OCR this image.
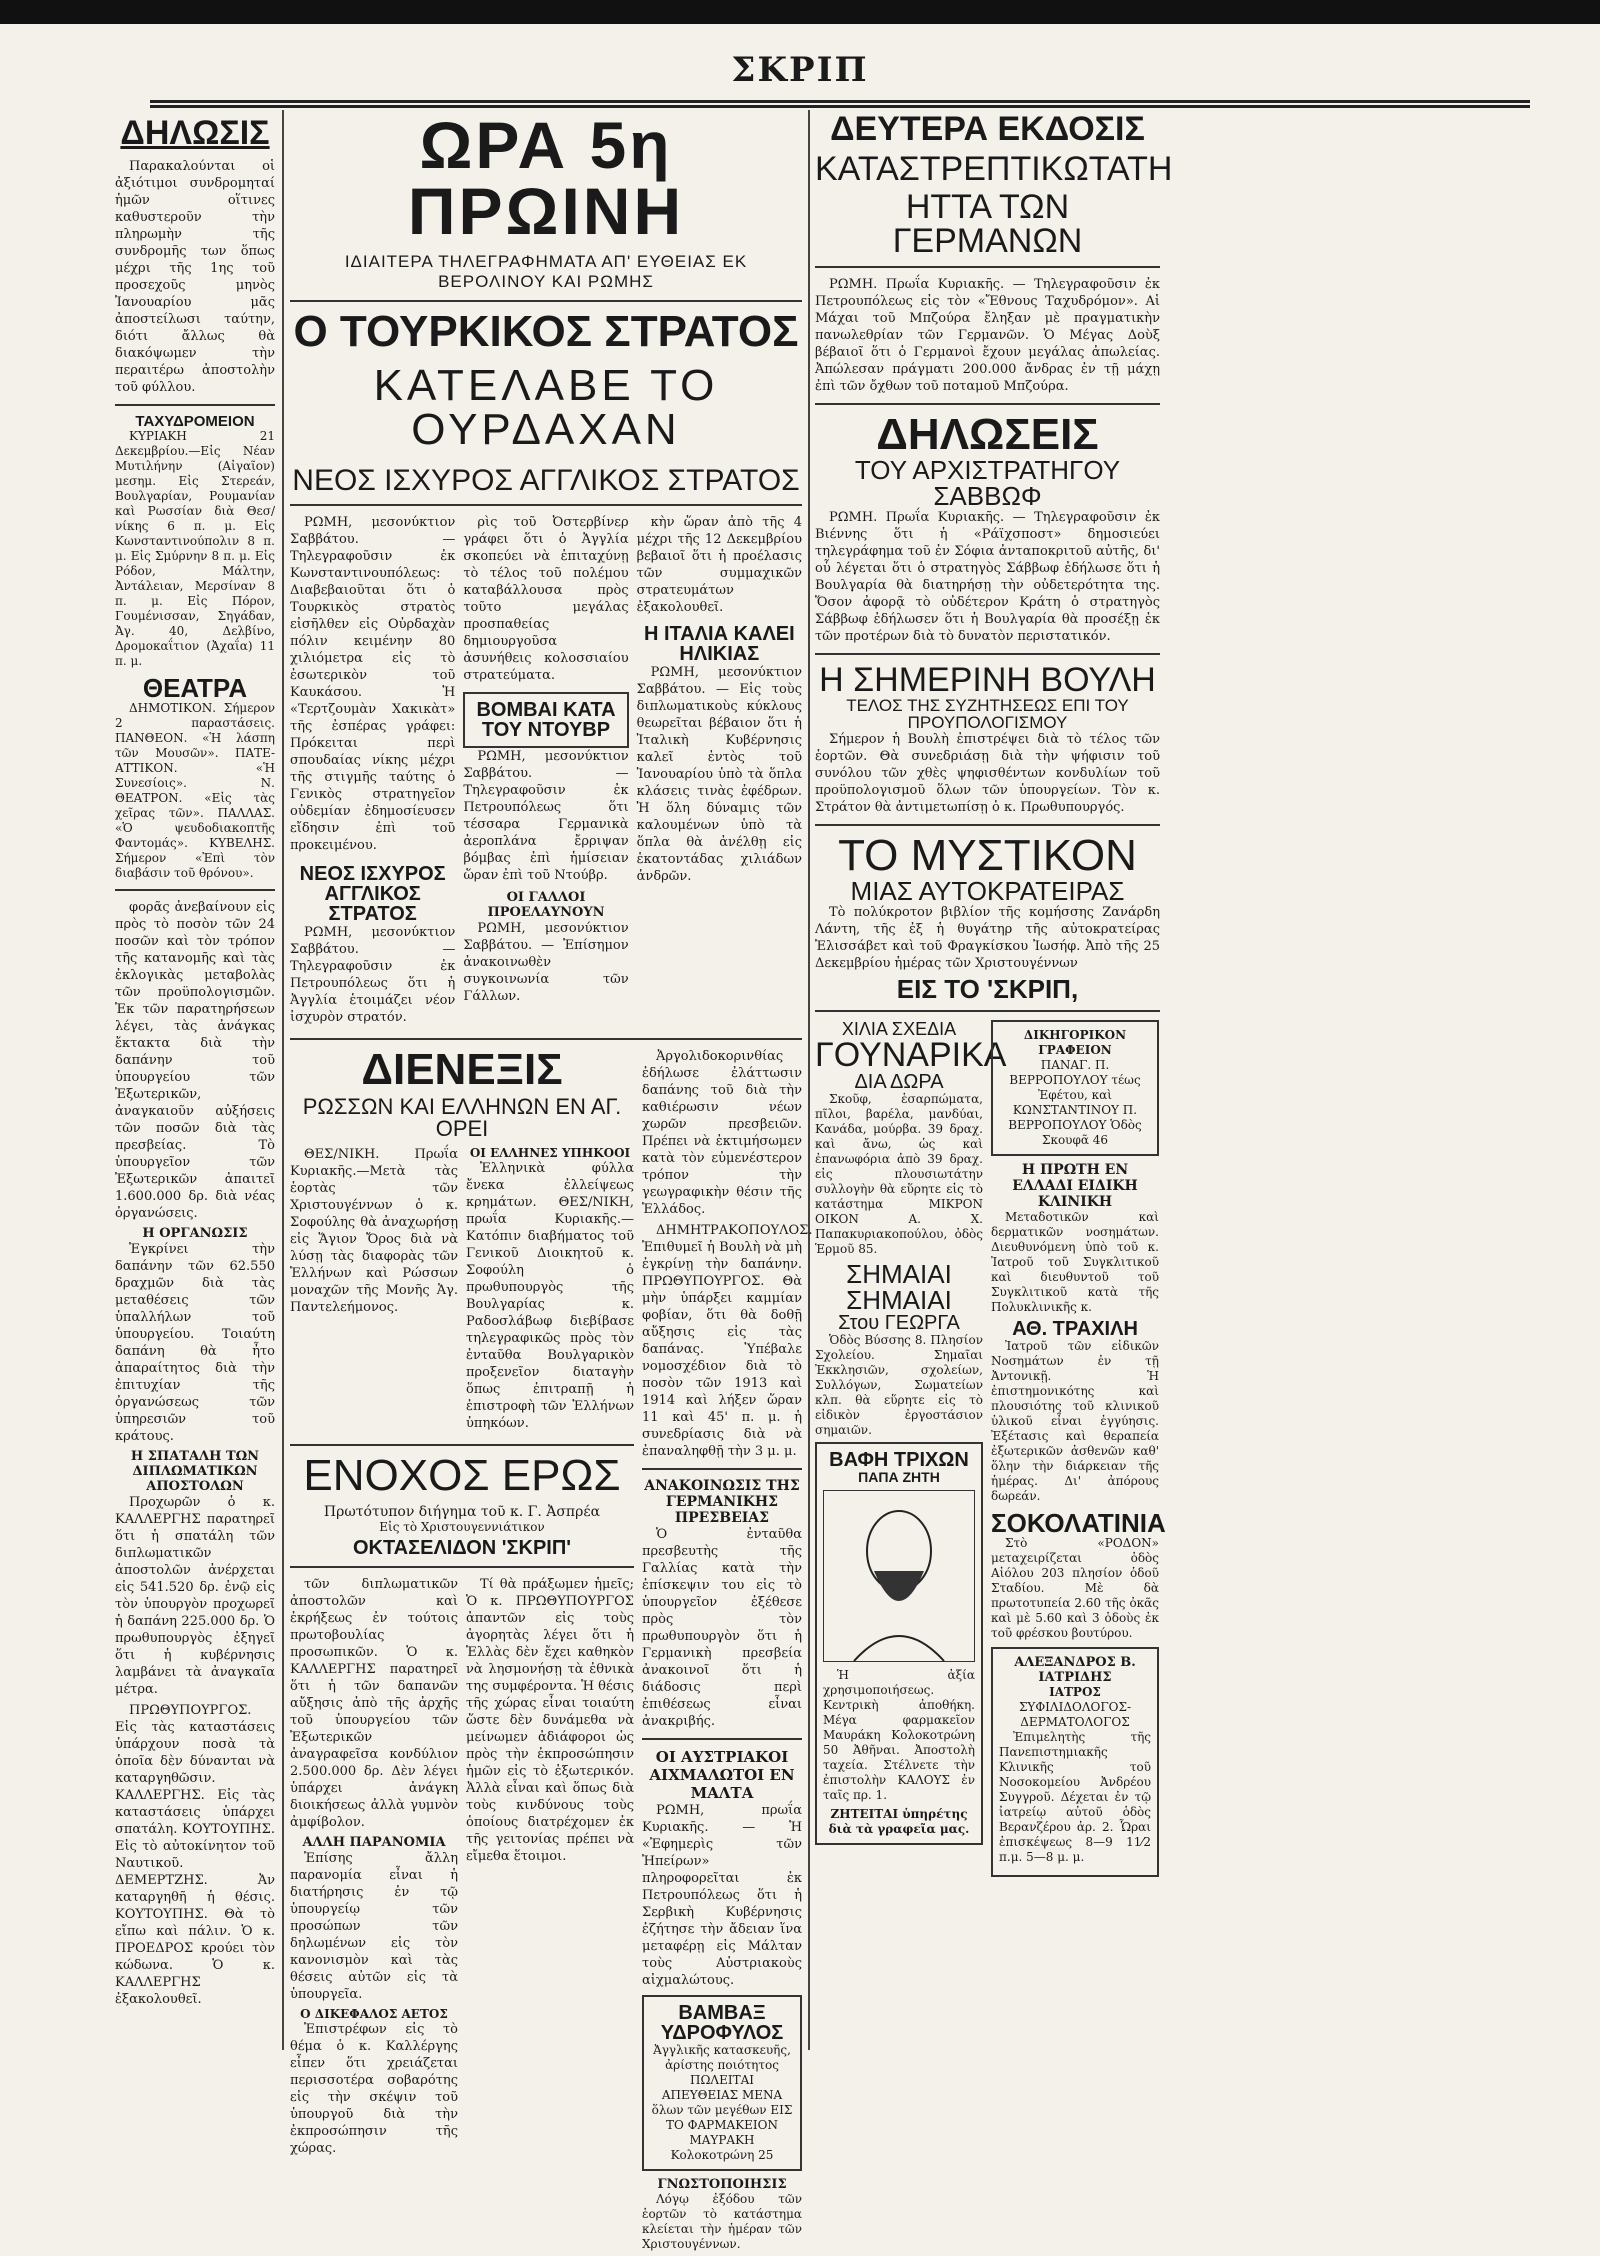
ΣΚΡΙΠ
ΔΗΛΩΣΙΣ

Παρακαλούνται οἱ ἀξιότιμοι συνδρομηταί ἡμῶν οἵτινες καθυστεροῦν τὴν πληρωμὴν τῆς συνδρομῆς των ὅπως μέχρι τῆς 1ης τοῦ προσεχοῦς μηνὸς Ἰανουαρίου μᾶς ἀποστείλωσι ταύτην, διότι ἄλλως θὰ διακόψωμεν τὴν περαιτέρω ἀποστολὴν τοῦ φύλλου.

ΤΑΧΥΔΡΟΜΕΙΟΝ

ΚΥΡΙΑΚΗ 21 Δεκεμβρίου.—Εἰς Νέαν Μυτιλήνην (Αἰγαῖον) μεσημ. Εἰς Στερεάν, Βουλγαρίαν, Ρουμανίαν καὶ Ρωσσίαν διὰ Θεσ/νίκης 6 π. μ. Εἰς Κωνσταντινούπολιν 8 π. μ. Εἰς Σμύρνην 8 π. μ. Εἰς Ρόδον, Μάλτην, Ἀντάλειαν, Μερσίναν 8 π. μ. Εἰς Πόρον, Γουμένισσαν, Σηγάδαν, Ἀγ. 40, Δελβίνο, Δρομοκαΐτιον (Ἀχαΐα) 11 π. μ.

ΘΕΑΤΡΑ

ΔΗΜΟΤΙΚΟΝ. Σήμερον 2 παραστάσεις. ΠΑΝΘΕΟΝ. «Ἡ λάσπη τῶν Μουσῶν». ΠΑΤΕ-ΑΤΤΙΚΟΝ. «Ἡ Συνεσίοις». Ν. ΘΕΑΤΡΟΝ. «Εἰς τὰς χεῖρας τῶν». ΠΑΛΛΑΣ. «Ὁ ψευδοδιακοπτῆς Φαντομάς». ΚΥΒΕΛΗΣ. Σήμερον «Ἐπὶ τὸν διαβάσιν τοῦ θρόνου».

φορᾶς ἀνεβαίνουν εἰς πρὸς τὸ ποσὸν τῶν 24 ποσῶν καὶ τὸν τρόπον τῆς κατανομῆς καὶ τὰς ἐκλογικὰς μεταβολὰς τῶν προϋπολογισμῶν. Ἐκ τῶν παρατηρήσεων λέγει, τὰς ἀνάγκας ἔκτακτα διὰ τὴν δαπάνην τοῦ ὑπουργείου τῶν Ἐξωτερικῶν, ἀναγκαιοῦν αὐξήσεις τῶν ποσῶν διὰ τὰς πρεσβείας. Τὸ ὑπουργεῖον τῶν Ἐξωτερικῶν ἀπαιτεῖ 1.600.000 δρ. διὰ νέας ὀργανώσεις.

Η ΟΡΓΑΝΩΣΙΣ

Ἐγκρίνει τὴν δαπάνην τῶν 62.550 δραχμῶν διὰ τὰς μεταθέσεις τῶν ὑπαλλήλων τοῦ ὑπουργείου. Τοιαύτη δαπάνη θὰ ἦτο ἀπαραίτητος διὰ τὴν ἐπιτυχίαν τῆς ὀργανώσεως τῶν ὑπηρεσιῶν τοῦ κράτους.

Η ΣΠΑΤΑΛΗ ΤΩΝ ΔΙΠΛΩΜΑΤΙΚΩΝ ΑΠΟΣΤΟΛΩΝ

Προχωρῶν ὁ κ. ΚΑΛΛΕΡΓΗΣ παρατηρεῖ ὅτι ἡ σπατάλη τῶν διπλωματικῶν ἀποστολῶν ἀνέρχεται εἰς 541.520 δρ. ἐνῷ εἰς τὸν ὑπουργὸν προχωρεῖ ἡ δαπάνη 225.000 δρ. Ὁ πρωθυπουργὸς ἐξηγεῖ ὅτι ἡ κυβέρνησις λαμβάνει τὰ ἀναγκαῖα μέτρα.

ΠΡΩΘΥΠΟΥΡΓΟΣ. Εἰς τὰς καταστάσεις ὑπάρχουν ποσὰ τὰ ὁποῖα δὲν δύνανται νὰ καταργηθῶσιν. ΚΑΛΛΕΡΓΗΣ. Εἰς τὰς καταστάσεις ὑπάρχει σπατάλη. ΚΟΥΤΟΥΠΗΣ. Εἰς τὸ αὐτοκίνητον τοῦ Ναυτικοῦ. ΔΕΜΕΡΤΖΗΣ. Ἀν καταργηθῆ ἡ θέσις. ΚΟΥΤΟΥΠΗΣ. Θὰ τὸ εἴπω καὶ πάλιν. Ὁ κ. ΠΡΟΕΔΡΟΣ κρούει τὸν κώδωνα. Ὁ κ. ΚΑΛΛΕΡΓΗΣ ἐξακολουθεῖ.

ΩΡΑ 5η ΠΡΩΙΝΗ
ΙΔΙΑΙΤΕΡΑ ΤΗΛΕΓΡΑΦΗΜΑΤΑ ΑΠ' ΕΥΘΕΙΑΣ ΕΚ ΒΕΡΟΛΙΝΟΥ ΚΑΙ ΡΩΜΗΣ
Ο ΤΟΥΡΚΙΚΟΣ ΣΤΡΑΤΟΣ
ΚΑΤΕΛΑΒΕ ΤΟ ΟΥΡΔΑΧΑΝ
ΝΕΟΣ ΙΣΧΥΡΟΣ ΑΓΓΛΙΚΟΣ ΣΤΡΑΤΟΣ

ΡΩΜΗ, μεσονύκτιον Σαββάτου. — Τηλεγραφοῦσιν ἐκ Κωνσταντινουπόλεως: Διαβεβαιοῦται ὅτι ὁ Τουρκικὸς στρατὸς εἰσῆλθεν εἰς Οὐρδαχὰν πόλιν κειμένην 80 χιλιόμετρα εἰς τὸ ἐσωτερικὸν τοῦ Καυκάσου. Ἡ «Τερτζουμὰν Χακικὰτ» τῆς ἐσπέρας γράφει: Πρόκειται περὶ σπουδαίας νίκης μέχρι τῆς στιγμῆς ταύτης ὁ Γενικὸς στρατηγεῖον οὐδεμίαν ἐδημοσίευσεν εἴδησιν ἐπὶ τοῦ προκειμένου.

ΝΕΟΣ ΙΣΧΥΡΟΣ ΑΓΓΛΙΚΟΣ ΣΤΡΑΤΟΣ

ΡΩΜΗ, μεσονύκτιον Σαββάτου. — Τηλεγραφοῦσιν ἐκ Πετρουπόλεως ὅτι ἡ Ἀγγλία ἑτοιμάζει νέον ἰσχυρὸν στρατόν.

ρὶς τοῦ Ὀστερβίνερ γράφει ὅτι ὁ Ἀγγλία σκοπεύει νὰ ἐπιταχύνῃ τὸ τέλος τοῦ πολέμου καταβάλλουσα πρὸς τοῦτο μεγάλας προσπαθείας δημιουργοῦσα ἀσυνήθεις κολοσσιαίου στρατεύματα.

ΒΟΜΒΑΙ ΚΑΤΑ ΤΟΥ ΝΤΟΥΒΡ

ΡΩΜΗ, μεσονύκτιον Σαββάτου. — Τηλεγραφοῦσιν ἐκ Πετρουπόλεως ὅτι τέσσαρα Γερμανικὰ ἀεροπλάνα ἔρριψαν βόμβας ἐπὶ ἡμίσειαν ὥραν ἐπὶ τοῦ Ντούβρ.

ΟΙ ΓΑΛΛΟΙ ΠΡΟΕΛΑΥΝΟΥΝ

ΡΩΜΗ, μεσονύκτιον Σαββάτου. — Ἐπίσημον ἀνακοινωθὲν συγκοινωνία τῶν Γάλλων.

κὴν ὥραν ἀπὸ τῆς 4 μέχρι τῆς 12 Δεκεμβρίου βεβαιοῖ ὅτι ἡ προέλασις τῶν συμμαχικῶν στρατευμάτων ἐξακολουθεῖ.

Η ΙΤΑΛΙΑ ΚΑΛΕΙ ΗΛΙΚΙΑΣ

ΡΩΜΗ, μεσονύκτιον Σαββάτου. — Εἰς τοὺς διπλωματικοὺς κύκλους θεωρεῖται βέβαιον ὅτι ἡ Ἰταλικὴ Κυβέρνησις καλεῖ ἐντὸς τοῦ Ἰανουαρίου ὑπὸ τὰ ὅπλα κλάσεις τινὰς ἐφέδρων. Ἡ ὅλη δύναμις τῶν καλουμένων ὑπὸ τὰ ὅπλα θὰ ἀνέλθῃ εἰς ἑκατοντάδας χιλιάδων ἀνδρῶν.

ΔΙΕΝΕΞΙΣ
ΡΩΣΣΩΝ ΚΑΙ ΕΛΛΗΝΩΝ ΕΝ ΑΓ. ΟΡΕΙ

ΘΕΣ/ΝΙΚΗ. Πρωΐα Κυριακῆς.—Μετὰ τὰς ἑορτὰς τῶν Χριστουγέννων ὁ κ. Σοφούλης θὰ ἀναχωρήσῃ εἰς Ἅγιον Ὄρος διὰ νὰ λύσῃ τὰς διαφορὰς τῶν Ἑλλήνων καὶ Ρώσσων μοναχῶν τῆς Μονῆς Ἁγ. Παντελεήμονος.

ΟΙ ΕΛΛΗΝΕΣ ΥΠΗΚΟΟΙ

Ἑλληνικὰ φύλλα ἔνεκα ἐλλείψεως κρημάτων. ΘΕΣ/ΝΙΚΗ, πρωΐα Κυριακῆς.—Κατόπιν διαβήματος τοῦ Γενικοῦ Διοικητοῦ κ. Σοφούλη ὁ πρωθυπουργὸς τῆς Βουλγαρίας κ. Ραδοσλάβωφ διεβίβασε τηλεγραφικῶς πρὸς τὸν ἐνταῦθα Βουλγαρικὸν προξενεῖον διαταγὴν ὅπως ἐπιτραπῇ ἡ ἐπιστροφὴ τῶν Ἑλλήνων ὑπηκόων.

ΕΝΟΧΟΣ ΕΡΩΣ
Πρωτότυπον διήγημα τοῦ κ. Γ. Ἀσπρέα
Εἰς τὸ Χριστουγεννιάτικον
ΟΚΤΑΣΕΛΙΔΟΝ 'ΣΚΡΙΠ'

τῶν διπλωματικῶν ἀποστολῶν καὶ ἐκρήξεως ἐν τούτοις πρωτοβουλίας προσωπικῶν. Ὁ κ. ΚΑΛΛΕΡΓΗΣ παρατηρεῖ ὅτι ἡ τῶν δαπανῶν αὔξησις ἀπὸ τῆς ἀρχῆς τοῦ ὑπουργείου τῶν Ἐξωτερικῶν ἀναγραφεῖσα κονδύλιον 2.500.000 δρ. Δὲν λέγει ὑπάρχει ἀνάγκη διοικήσεως ἀλλὰ γυμνὸν ἀμφίβολον.

ΑΛΛΗ ΠΑΡΑΝΟΜΙΑ

Ἐπίσης ἄλλη παρανομία εἶναι ἡ διατήρησις ἐν τῷ ὑπουργείῳ τῶν προσώπων τῶν δηλωμένων εἰς τὸν κανονισμὸν καὶ τὰς θέσεις αὐτῶν εἰς τὰ ὑπουργεῖα.

Ο ΔΙΚΕΦΑΛΟΣ ΑΕΤΟΣ

Ἐπιστρέφων εἰς τὸ θέμα ὁ κ. Καλλέργης εἶπεν ὅτι χρειάζεται περισσοτέρα σοβαρότης εἰς τὴν σκέψιν τοῦ ὑπουργοῦ διὰ τὴν ἐκπροσώπησιν τῆς χώρας.

Τί θὰ πράξωμεν ἡμεῖς; Ὁ κ. ΠΡΩΘΥΠΟΥΡΓΟΣ ἀπαντῶν εἰς τοὺς ἀγορητὰς λέγει ὅτι ἡ Ἑλλὰς δὲν ἔχει καθηκὸν νὰ λησμονήσῃ τὰ ἐθνικὰ της συμφέροντα. Ἡ θέσις τῆς χώρας εἶναι τοιαύτη ὥστε δὲν δυνάμεθα νὰ μείνωμεν ἀδιάφοροι ὡς πρὸς τὴν ἐκπροσώπησιν ἡμῶν εἰς τὸ ἐξωτερικόν. Ἀλλὰ εἶναι καὶ ὅπως διὰ τοὺς κινδύνους τοὺς ὁποίους διατρέχομεν ἐκ τῆς γειτονίας πρέπει νὰ εἴμεθα ἕτοιμοι.

Ἀργολιδοκορινθίας ἐδήλωσε ἐλάττωσιν δαπάνης τοῦ διὰ τὴν καθιέρωσιν νέων χωρῶν πρεσβειῶν. Πρέπει νὰ ἐκτιμήσωμεν κατὰ τὸν εὐμενέστερον τρόπον τὴν γεωγραφικὴν θέσιν τῆς Ἑλλάδος.

ΔΗΜΗΤΡΑΚΟΠΟΥΛΟΣ. Ἐπιθυμεῖ ἡ Βουλὴ νὰ μὴ ἐγκρίνῃ τὴν δαπάνην. ΠΡΩΘΥΠΟΥΡΓΟΣ. Θὰ μὴν ὑπάρξει καμμίαν φοβίαν, ὅτι θὰ δοθῇ αὔξησις εἰς τὰς δαπάνας. Ὑπέβαλε νομοσχέδιον διὰ τὸ ποσὸν τῶν 1913 καὶ 1914 καὶ λήξεν ὥραν 11 καὶ 45' π. μ. ἡ συνεδρίασις διὰ νὰ ἐπαναληφθῇ τὴν 3 μ. μ.

ΑΝΑΚΟΙΝΩΣΙΣ ΤΗΣ ΓΕΡΜΑΝΙΚΗΣ ΠΡΕΣΒΕΙΑΣ

Ὁ ἐνταῦθα πρεσβευτὴς τῆς Γαλλίας κατὰ τὴν ἐπίσκεψιν του εἰς τὸ ὑπουργεῖον ἐξέθεσε πρὸς τὸν πρωθυπουργὸν ὅτι ἡ Γερμανικὴ πρεσβεία ἀνακοινοῖ ὅτι ἡ διάδοσις περὶ ἐπιθέσεως εἶναι ἀνακριβής.

ΟΙ ΑΥΣΤΡΙΑΚΟΙ ΑΙΧΜΑΛΩΤΟΙ ΕΝ ΜΑΛΤΑ

ΡΩΜΗ, πρωΐα Κυριακῆς. — Ἡ «Ἐφημερὶς τῶν Ἠπείρων» πληροφορεῖται ἐκ Πετρουπόλεως ὅτι ἡ Σερβικὴ Κυβέρνησις ἐζήτησε τὴν ἄδειαν ἵνα μεταφέρῃ εἰς Μάλταν τοὺς Αὐστριακοὺς αἰχμαλώτους.

ΒΑΜΒΑΞ ΥΔΡΟΦΥΛΟΣ
Ἀγγλικῆς κατασκευῆς, ἀρίστης ποιότητος ΠΩΛΕΙΤΑΙ ΑΠΕΥΘΕΙΑΣ ΜΕΝΑ ὅλων τῶν μεγέθων ΕΙΣ ΤΟ ΦΑΡΜΑΚΕΙΟΝ ΜΑΥΡΑΚΗ Κολοκοτρώνη 25
ΓΝΩΣΤΟΠΟΙΗΣΙΣ

Λόγῳ ἐξόδου τῶν ἑορτῶν τὸ κατάστημα κλείεται τὴν ἡμέραν τῶν Χριστουγέννων.

ΔΕΥΤΕΡΑ ΕΚΔΟΣΙΣ
ΚΑΤΑΣΤΡΕΠΤΙΚΩΤΑΤΗ
ΗΤΤΑ ΤΩΝ ΓΕΡΜΑΝΩΝ

ΡΩΜΗ. Πρωΐα Κυριακῆς. — Τηλεγραφοῦσιν ἐκ Πετρουπόλεως εἰς τὸν «Ἔθνους Ταχυδρόμον». Αἱ Μάχαι τοῦ Μπζούρα ἔληξαν μὲ πραγματικὴν πανωλεθρίαν τῶν Γερμανῶν. Ὁ Μέγας Δοὺξ βέβαιοῖ ὅτι ὁ Γερμανοὶ ἔχουν μεγάλας ἀπωλείας. Ἀπώλεσαν πράγματι 200.000 ἄνδρας ἐν τῇ μάχῃ ἐπὶ τῶν ὄχθων τοῦ ποταμοῦ Μπζούρα.

ΔΗΛΩΣΕΙΣ
ΤΟΥ ΑΡΧΙΣΤΡΑΤΗΓΟΥ ΣΑΒΒΩΦ

ΡΩΜΗ. Πρωΐα Κυριακῆς. — Τηλεγραφοῦσιν ἐκ Βιέννης ὅτι ἡ «Ράϊχσποστ» δημοσιεύει τηλεγράφημα τοῦ ἐν Σόφια ἀνταποκριτοῦ αὐτῆς, δι' οὗ λέγεται ὅτι ὁ στρατηγὸς Σάββωφ ἐδήλωσε ὅτι ἡ Βουλγαρία θὰ διατηρήσῃ τὴν οὐδετερότητα της. Ὅσον ἀφορᾷ τὸ οὐδέτερον Κράτη ὁ στρατηγὸς Σάββωφ ἐδήλωσεν ὅτι ἡ Βουλγαρία θὰ προσέξῃ ἐκ τῶν προτέρων διὰ τὸ δυνατὸν περιστατικόν.

Η ΣΗΜΕΡΙΝΗ ΒΟΥΛΗ
ΤΕΛΟΣ ΤΗΣ ΣΥΖΗΤΗΣΕΩΣ ΕΠΙ ΤΟΥ ΠΡΟΥΠΟΛΟΓΙΣΜΟΥ

Σήμερον ἡ Βουλὴ ἐπιστρέψει διὰ τὸ τέλος τῶν ἑορτῶν. Θὰ συνεδριάσῃ διὰ τὴν ψήφισιν τοῦ συνόλου τῶν χθὲς ψηφισθέντων κονδυλίων τοῦ προϋπολογισμοῦ ὅλων τῶν ὑπουργείων. Τὸν κ. Στράτον θὰ ἀντιμετωπίσῃ ὁ κ. Πρωθυπουργός.

ΤΟ ΜΥΣΤΙΚΟΝ
ΜΙΑΣ ΑΥΤΟΚΡΑΤΕΙΡΑΣ

Τὸ πολύκροτον βιβλίον τῆς κομήσσης Ζανάρδη Λάντη, τῆς ἐξ ἡ θυγάτηρ τῆς αὐτοκρατείρας Ἐλισσάβετ καὶ τοῦ Φραγκίσκου Ἰωσήφ. Ἀπὸ τῆς 25 Δεκεμβρίου ἡμέρας τῶν Χριστουγέννων

ΕΙΣ ΤΟ 'ΣΚΡΙΠ,
ΧΙΛΙΑ ΣΧΕΔΙΑ
ΓΟΥΝΑΡΙΚΑ
ΔΙΑ ΔΩΡΑ

Σκοῦφ, ἑσαρπώματα, πῖλοι, βαρέλα, μανδύαι, Κανάδα, μούρβα. 39 δραχ. καὶ ἄνω, ὡς καὶ ἐπανωφόρια ἀπὸ 39 δραχ. εἰς πλουσιωτάτην συλλογὴν θὰ εὕρητε εἰς τὸ κατάστημα ΜΙΚΡΟΝ ΟΙΚΟΝ Α. Χ. Παπακυριακοπούλου, ὁδὸς Ἑρμοῦ 85.

ΣΗΜΑΙΑΙ
ΣΗΜΑΙΑΙ
Στου ΓΕΩΡΓΑ

Ὁδὸς Βύσσης 8. Πλησίον Σχολείου. Σημαῖαι Ἐκκλησιῶν, σχολείων, Συλλόγων, Σωματείων κλπ. θὰ εὕρητε εἰς τὸ εἰδικὸν ἐργοστάσιον σημαιῶν.

ΒΑΦΗ ΤΡΙΧΩΝ
ΠΑΠΑ ΖΗΤΗ

Ἡ ἀξία χρησιμοποιήσεως. Κεντρικὴ ἀποθήκη. Μέγα φαρμακεῖον Μαυράκη Κολοκοτρώνη 50 Ἀθῆναι. Ἀποστολὴ ταχεία. Στέλνετε τὴν ἐπιστολὴν ΚΑΛΟΥΣ ἐν ταῖς πρ. 1.

ΖΗΤΕΙΤΑΙ ὑπηρέτης διὰ τὰ γραφεῖα μας.
ΔΙΚΗΓΟΡΙΚΟΝ ΓΡΑΦΕΙΟΝ
ΠΑΝΑΓ. Π. ΒΕΡΡΟΠΟΥΛΟΥ τέως Ἐφέτου, καὶ ΚΩΝΣΤΑΝΤΙΝΟΥ Π. ΒΕΡΡΟΠΟΥΛΟΥ Ὁδὸς Σκουφᾶ 46
Η ΠΡΩΤΗ ΕΝ ΕΛΛΑΔΙ ΕΙΔΙΚΗ ΚΛΙΝΙΚΗ

Μεταδοτικῶν καὶ δερματικῶν νοσημάτων. Διευθυνόμενη ὑπὸ τοῦ κ. Ἰατροῦ τοῦ Συγκλιτικοῦ καὶ διευθυντοῦ τοῦ Συγκλιτικοῦ κατὰ τῆς Πολυκλινικῆς κ.

ΑΘ. ΤΡΑΧΙΛΗ

Ἰατροῦ τῶν εἰδικῶν Νοσημάτων ἐν τῇ Ἀντονικῇ. Ἡ ἐπιστημονικότης καὶ πλουσιότης τοῦ κλινικοῦ ὑλικοῦ εἶναι ἐγγύησις. Ἐξέτασις καὶ θεραπεία ἐξωτερικῶν ἀσθενῶν καθ' ὅλην τὴν διάρκειαν τῆς ἡμέρας. Δι' ἀπόρους δωρεάν.

ΣΟΚΟΛΑΤΙΝΙΑ

Στὸ «ΡΟΔΟΝ» μεταχειρίζεται ὁδὸς Αἰόλου 203 πλησίον ὁδοῦ Σταδίου. Μὲ δὰ πρωτοτυπεία 2.60 τῆς ὀκᾶς καὶ μὲ 5.60 καὶ 3 ὁδοὺς ἐκ τοῦ φρέσκου βουτύρου.

ΑΛΕΞΑΝΔΡΟΣ Β. ΙΑΤΡΙΔΗΣ
ΙΑΤΡΟΣ
ΣΥΦΙΛΙΔΟΛΟΓΟΣ-ΔΕΡΜΑΤΟΛΟΓΟΣ

Ἐπιμελητὴς τῆς Πανεπιστημιακῆς Κλινικῆς τοῦ Νοσοκομείου Ἀνδρέου Συγγροῦ. Δέχεται ἐν τῷ ἰατρείῳ αὐτοῦ ὁδὸς Βερανζέρου ἀρ. 2. Ὧραι ἐπισκέψεως 8—9 11⁄2 π.μ. 5—8 μ. μ.
